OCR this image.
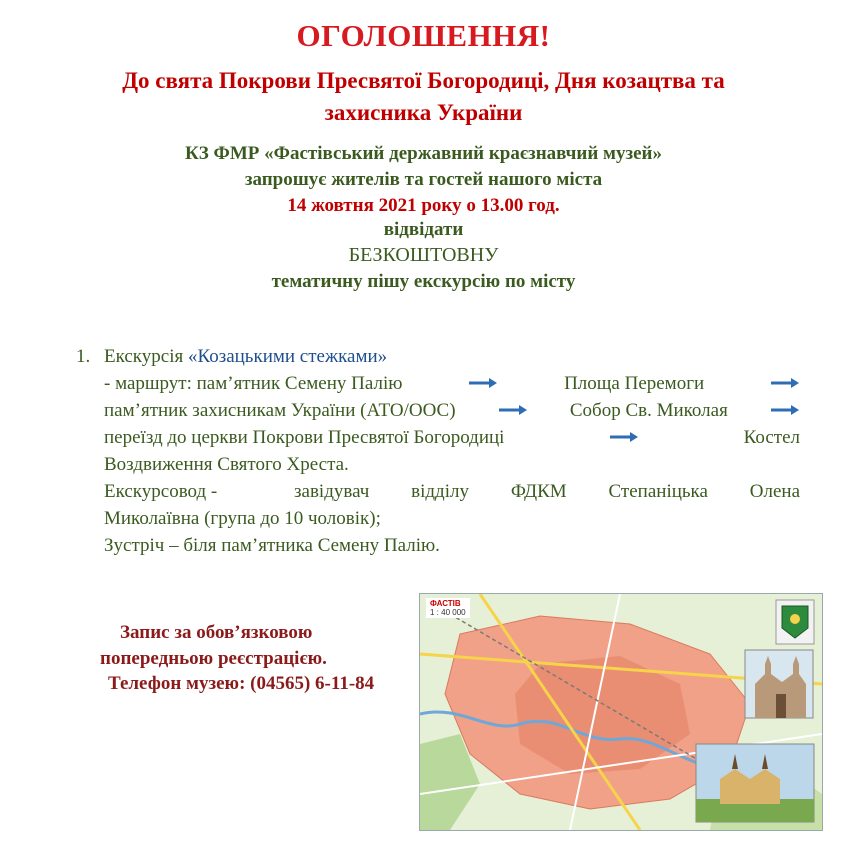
ОГОЛОШЕННЯ!
До свята Покрови Пресвятої Богородиці, Дня козацтва та
захисника України
КЗ ФМР «Фастівський державний краєзнавчий музей»
запрошує жителів та гостей нашого міста
14 жовтня 2021 року о 13.00 год.
відвідати
БЕЗКОШТОВНУ
тематичну пішу екскурсію по місту
1. Екскурсія «Козацькими стежками»
- маршрут: пам’ятник Семену Палію	Площа Перемоги
пам’ятник захисникам України (АТО/ООС)	Собор Св. Миколая
переїзд до церкви Покрови Пресвятої Богородиці	Костел
Воздвиження Святого Хреста.
Екскурсовод -	завідувач відділу ФДКМ Степаніцька Олена
Миколаївна (група до 10 чоловік);
Зустріч – біля пам’ятника Семену Палію.
Запис за обов’язковою
попередньою реєстрацією.
Телефон музею: (04565) 6-11-84
ФАСТІВ
1 : 40 000
